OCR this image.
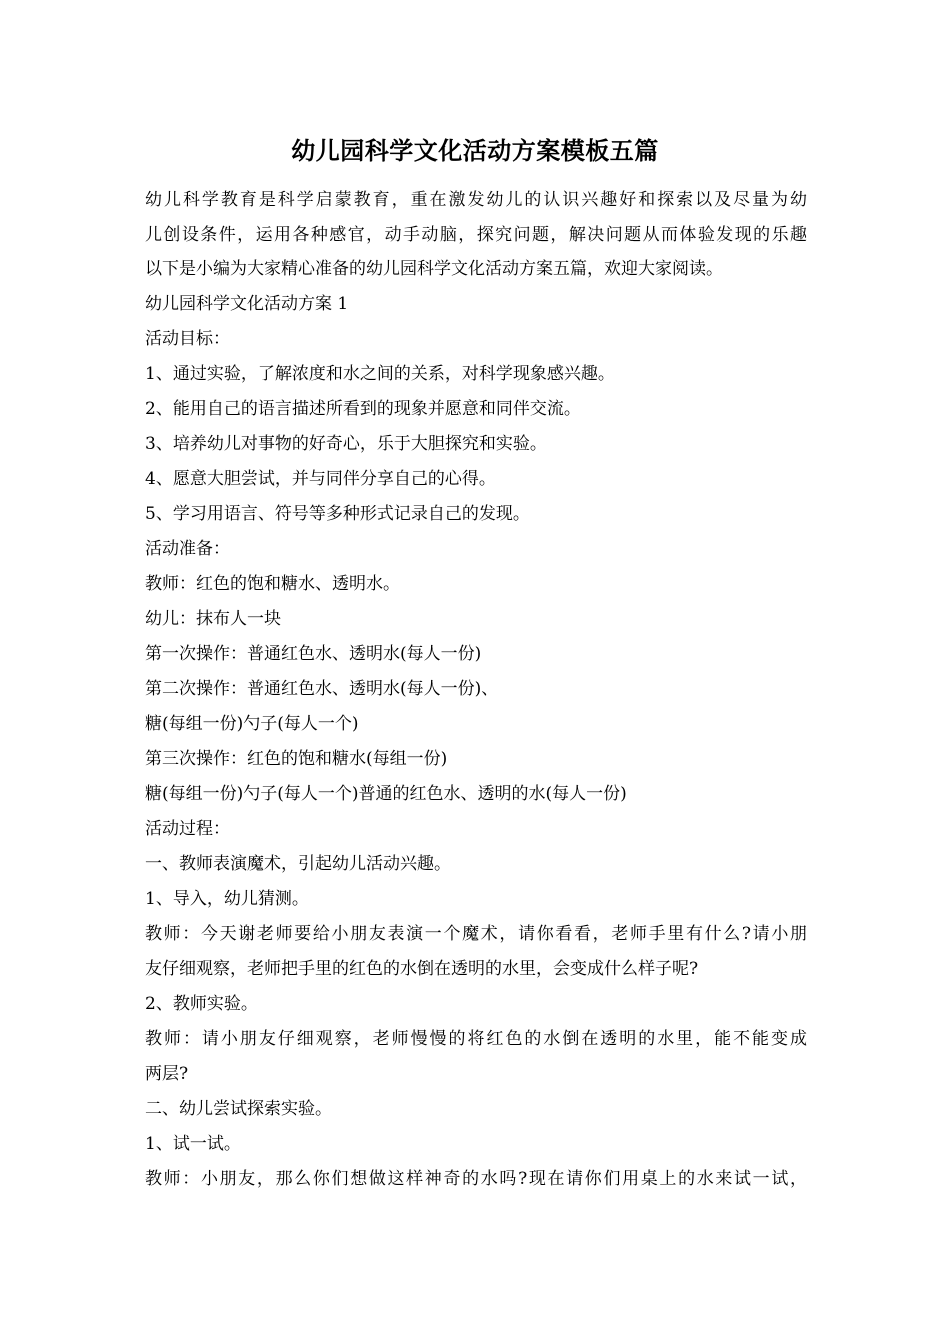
幼儿园科学文化活动方案模板五篇

幼儿科学教育是科学启蒙教育，重在激发幼儿的认识兴趣好和探索以及尽量为幼

儿创设条件，运用各种感官，动手动脑，探究问题，解决问题从而体验发现的乐趣

以下是小编为大家精心准备的幼儿园科学文化活动方案五篇，欢迎大家阅读。

幼儿园科学文化活动方案 1

活动目标：

1、通过实验，了解浓度和水之间的关系，对科学现象感兴趣。

2、能用自己的语言描述所看到的现象并愿意和同伴交流。

3、培养幼儿对事物的好奇心，乐于大胆探究和实验。

4、愿意大胆尝试，并与同伴分享自己的心得。

5、学习用语言、符号等多种形式记录自己的发现。

活动准备：

教师：红色的饱和糖水、透明水。

幼儿：抹布人一块

第一次操作：普通红色水、透明水(每人一份)

第二次操作：普通红色水、透明水(每人一份)、

糖(每组一份)勺子(每人一个)

第三次操作：红色的饱和糖水(每组一份)

糖(每组一份)勺子(每人一个)普通的红色水、透明的水(每人一份)

活动过程：

一、教师表演魔术，引起幼儿活动兴趣。

1、导入，幼儿猜测。

教师：今天谢老师要给小朋友表演一个魔术，请你看看，老师手里有什么?请小朋

友仔细观察，老师把手里的红色的水倒在透明的水里，会变成什么样子呢?

2、教师实验。

教师：请小朋友仔细观察，老师慢慢的将红色的水倒在透明的水里，能不能变成

两层?

二、幼儿尝试探索实验。

1、试一试。

教师：小朋友，那么你们想做这样神奇的水吗?现在请你们用桌上的水来试一试，
